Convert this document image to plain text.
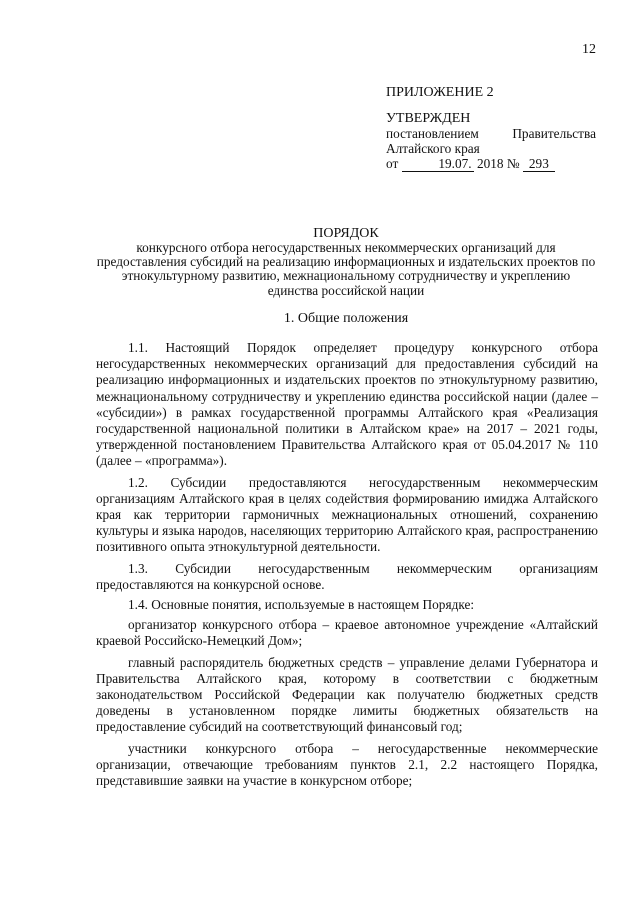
12
ПРИЛОЖЕНИЕ 2
УТВЕРЖДЕН
постановлением	Правительства
Алтайского края
от	19.07. 2018 № 293
ПОРЯДОК
конкурсного отбора негосударственных некоммерческих организаций для предоставления субсидий на реализацию информационных и издательских проектов по этнокультурному развитию, межнациональному сотрудничеству и укреплению единства российской нации
1. Общие положения

1.1. Настоящий Порядок определяет процедуру конкурсного отбора негосударственных некоммерческих организаций для предоставления субсидий на реализацию информационных и издательских проектов по этнокультурному развитию, межнациональному сотрудничеству и укреплению единства российской нации (далее – «субсидии») в рамках государственной программы Алтайского края «Реализация государственной национальной политики в Алтайском крае» на 2017 – 2021 годы, утвержденной постановлением Правительства Алтайского края от 05.04.2017 № 110 (далее – «программа»).

1.2. Субсидии предоставляются негосударственным некоммерческим организациям Алтайского края в целях содействия формированию имиджа Алтайского края как территории гармоничных межнациональных отношений, сохранению культуры и языка народов, населяющих территорию Алтайского края, распространению позитивного опыта этнокультурной деятельности.

1.3. Субсидии негосударственным некоммерческим организациям предоставляются на конкурсной основе.

1.4. Основные понятия, используемые в настоящем Порядке:

организатор конкурсного отбора – краевое автономное учреждение «Алтайский краевой Российско-Немецкий Дом»;

главный распорядитель бюджетных средств – управление делами Губернатора и Правительства Алтайского края, которому в соответствии с бюджетным законодательством Российской Федерации как получателю бюджетных средств доведены в установленном порядке лимиты бюджетных обязательств на предоставление субсидий на соответствующий финансовый год;

участники конкурсного отбора – негосударственные некоммерческие организации, отвечающие требованиям пунктов 2.1, 2.2 настоящего Порядка, представившие заявки на участие в конкурсном отборе;
